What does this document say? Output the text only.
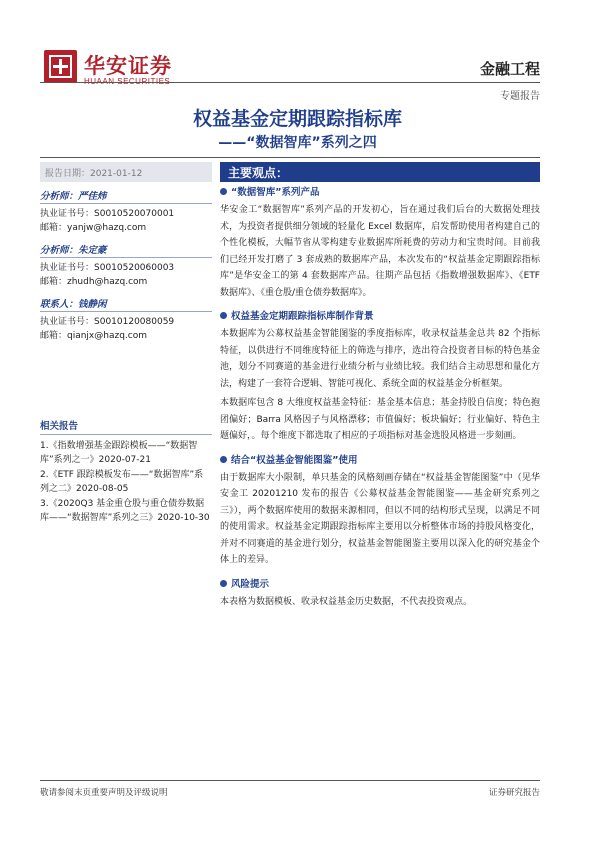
华安证券	金融工程
专题报告
权益基金定期跟踪指标库
——“数据智库”系列之四
报告日期：2021-01-12
分析师：严佳炜
执业证书号：S0010520070001
邮箱：yanjw@hazq.com
分析师：朱定豪
执业证书号：S0010520060003
邮箱：zhudh@hazq.com
联系人：钱静闲
执业证书号：S0010120080059
邮箱：qianjx@hazq.com
相关报告
1.《指数增强基金跟踪模板——“数据智库”系列之一》2020-07-21
2.《ETF 跟踪模板发布——“数据智库”系列之二》2020-08-05
3.《2020Q3 基金重仓股与重仓债券数据库——“数据智库”系列之三》2020-10-30
主要观点：
“数据智库”系列产品
华安金工“数据智库”系列产品的开发初心，旨在通过我们后台的大数据处理技术，为投资者提供细分领域的轻量化 Excel 数据库，启发帮助使用者构建自己的个性化模板，大幅节省从零构建专业数据库所耗费的劳动力和宝贵时间。目前我们已经开发打磨了 3 套成熟的数据库产品，本次发布的“权益基金定期跟踪指标库”是华安金工的第 4 套数据库产品。往期产品包括《指数增强数据库》、《ETF 数据库》、《重仓股/重仓债券数据库》。
权益基金定期跟踪指标库制作背景
本数据库为公募权益基金智能图鉴的季度指标库，收录权益基金总共 82 个指标特征，以供进行不同维度特征上的筛选与排序，选出符合投资者目标的特色基金池，划分不同赛道的基金进行业绩分析与业绩比较。我们结合主动思想和量化方法，构建了一套符合逻辑、智能可视化、系统全面的权益基金分析框架。
本数据库包含 8 大维度权益基金特征：基金基本信息；基金持股自信度；特色抱团偏好；Barra 风格因子与风格漂移；市值偏好；板块偏好；行业偏好、特色主题偏好，。每个维度下都选取了相应的子项指标对基金选股风格进一步刻画。
结合“权益基金智能图鉴”使用
由于数据库大小限制，单只基金的风格刻画存储在“权益基金智能图鉴”中（见华安金工 20201210 发布的报告《公募权益基金智能图鉴——基金研究系列之三》），两个数据库使用的数据来源相同，但以不同的结构形式呈现，以满足不同的使用需求。权益基金定期跟踪指标库主要用以分析整体市场的持股风格变化，并对不同赛道的基金进行划分，权益基金智能图鉴主要用以深入化的研究基金个体上的差异。
风险提示
本表格为数据模板、收录权益基金历史数据，不代表投资观点。
敬请参阅末页重要声明及评级说明	证券研究报告
